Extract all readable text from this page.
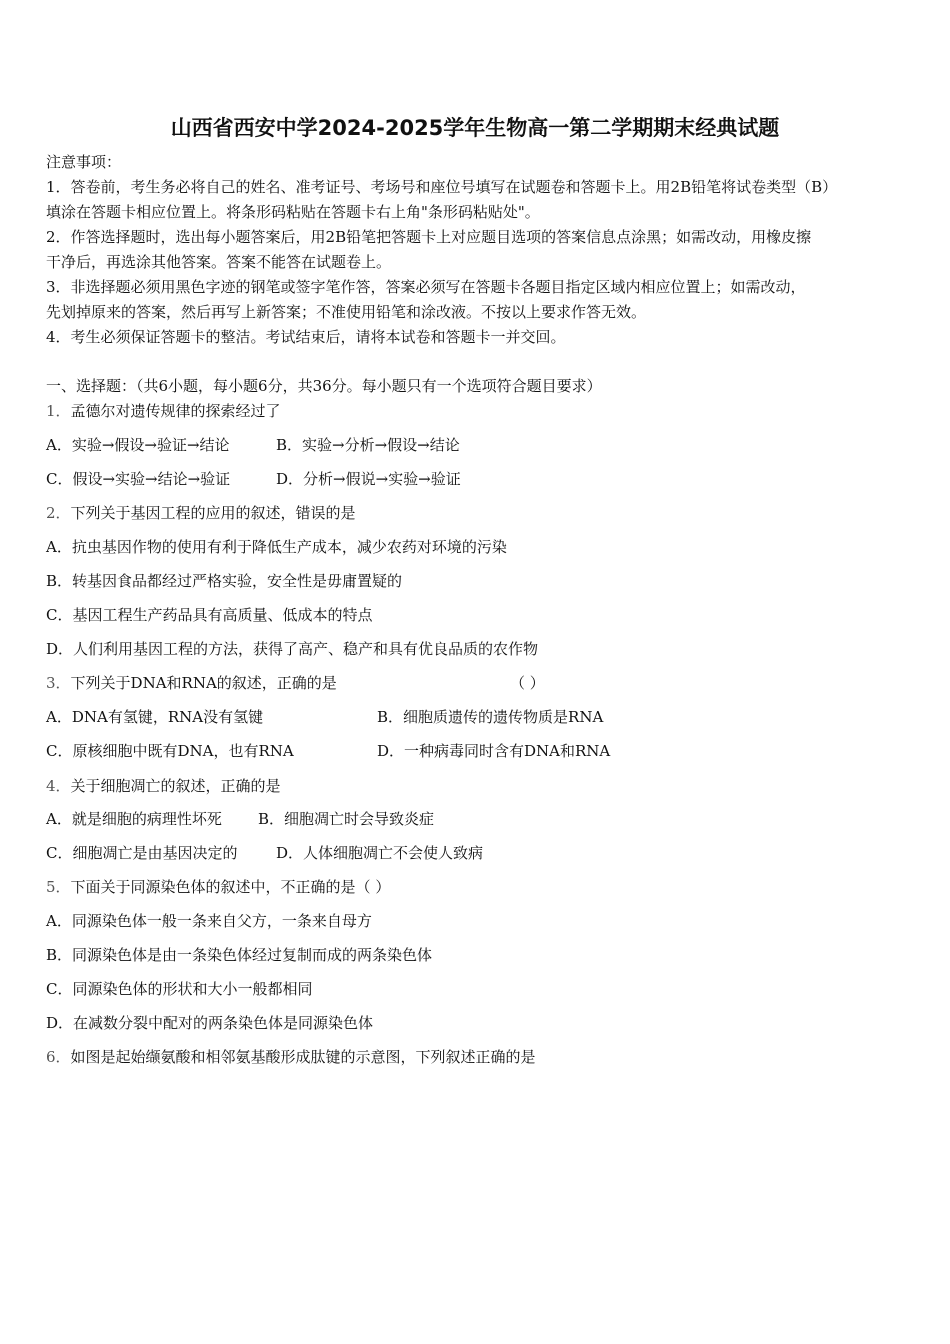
山西省西安中学2024-2025学年生物高一第二学期期末经典试题
注意事项：
1．答卷前，考生务必将自己的姓名、准考证号、考场号和座位号填写在试题卷和答题卡上。用2B铅笔将试卷类型（B）
填涂在答题卡相应位置上。将条形码粘贴在答题卡右上角"条形码粘贴处"。
2．作答选择题时，选出每小题答案后，用2B铅笔把答题卡上对应题目选项的答案信息点涂黑；如需改动，用橡皮擦
干净后，再选涂其他答案。答案不能答在试题卷上。
3．非选择题必须用黑色字迹的钢笔或签字笔作答，答案必须写在答题卡各题目指定区域内相应位置上；如需改动，
先划掉原来的答案，然后再写上新答案；不准使用铅笔和涂改液。不按以上要求作答无效。
4．考生必须保证答题卡的整洁。考试结束后，请将本试卷和答题卡一并交回。
一、选择题：（共6小题，每小题6分，共36分。每小题只有一个选项符合题目要求）
1．孟德尔对遗传规律的探索经过了
A．实验→假设→验证→结论	B．实验→分析→假设→结论
C．假设→实验→结论→验证	D．分析→假说→实验→验证
2．下列关于基因工程的应用的叙述，错误的是
A．抗虫基因作物的使用有利于降低生产成本，减少农药对环境的污染
B．转基因食品都经过严格实验，安全性是毋庸置疑的
C．基因工程生产药品具有高质量、低成本的特点
D．人们利用基因工程的方法，获得了高产、稳产和具有优良品质的农作物
3．下列关于DNA和RNA的叙述，正确的是	（ ）
A．DNA有氢键，RNA没有氢键	B．细胞质遗传的遗传物质是RNA
C．原核细胞中既有DNA，也有RNA	D．一种病毒同时含有DNA和RNA
4．关于细胞凋亡的叙述，正确的是
A．就是细胞的病理性坏死 B．细胞凋亡时会导致炎症
C．细胞凋亡是由基因决定的	D．人体细胞凋亡不会使人致病
5．下面关于同源染色体的叙述中，不正确的是（ ）
A．同源染色体一般一条来自父方，一条来自母方
B．同源染色体是由一条染色体经过复制而成的两条染色体
C．同源染色体的形状和大小一般都相同
D．在减数分裂中配对的两条染色体是同源染色体
6．如图是起始缬氨酸和相邻氨基酸形成肽键的示意图，下列叙述正确的是
